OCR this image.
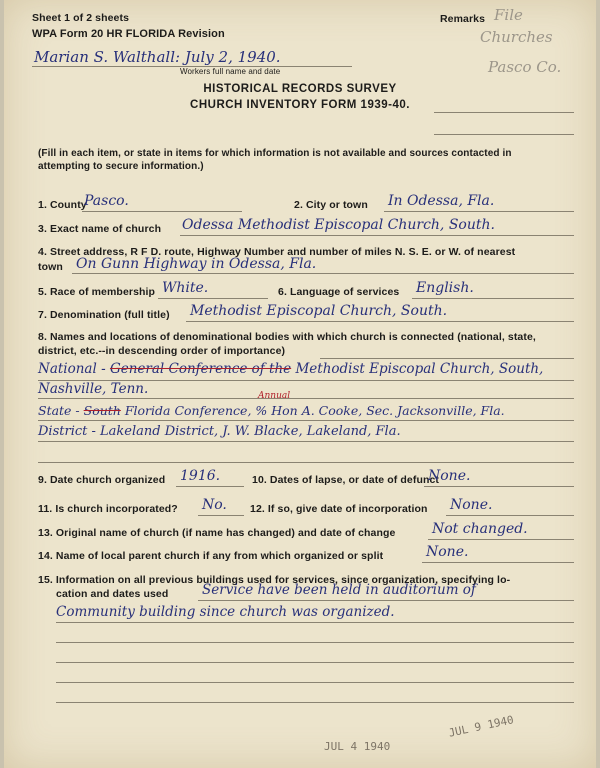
Sheet 1 of 2 sheets
WPA Form 20 HR FLORIDA Revision
Remarks File
Churches
Pasco Co.
Marian S. Walthall: July 2, 1940.
Workers full name and date
HISTORICAL RECORDS SURVEY
CHURCH INVENTORY FORM 1939-40.
(Fill in each item, or state in items for which information is not available and sources contacted in
attempting to secure information.)
1. County
Pasco.	2. City or town In Odessa, Fla.
3. Exact name of church Odessa Methodist Episcopal Church, South.
4. Street address, R F D. route, Highway Number and number of miles N. S. E. or W. of nearest
town On Gunn Highway in Odessa, Fla.
5. Race of membership White.	6. Language of services English.
7. Denomination (full title) Methodist Episcopal Church, South.
8. Names and locations of denominational bodies with which church is connected (national, state,
district, etc.--in descending order of importance)
National - General Conference of the Methodist Episcopal Church, South,
Nashville, Tenn.	Annual
State - South Florida Conference, % Hon A. Cooke, Sec. Jacksonville, Fla.
District - Lakeland District, J. W. Blacke, Lakeland, Fla.
9. Date church organized 1916.	10. Dates of lapse, or date of defunct
None.
11. Is church incorporated? No. 12. If so, give date of incorporation None.
13. Original name of church (if name has changed) and date of change	Not changed.
14. Name of local parent church if any from which organized or split	None.
15. Information on all previous buildings used for services, since organization, specifying lo-
cation and dates used Service have been held in auditorium of
Community building since church was organized.
JUL 4 1940
JUL 9 1940
